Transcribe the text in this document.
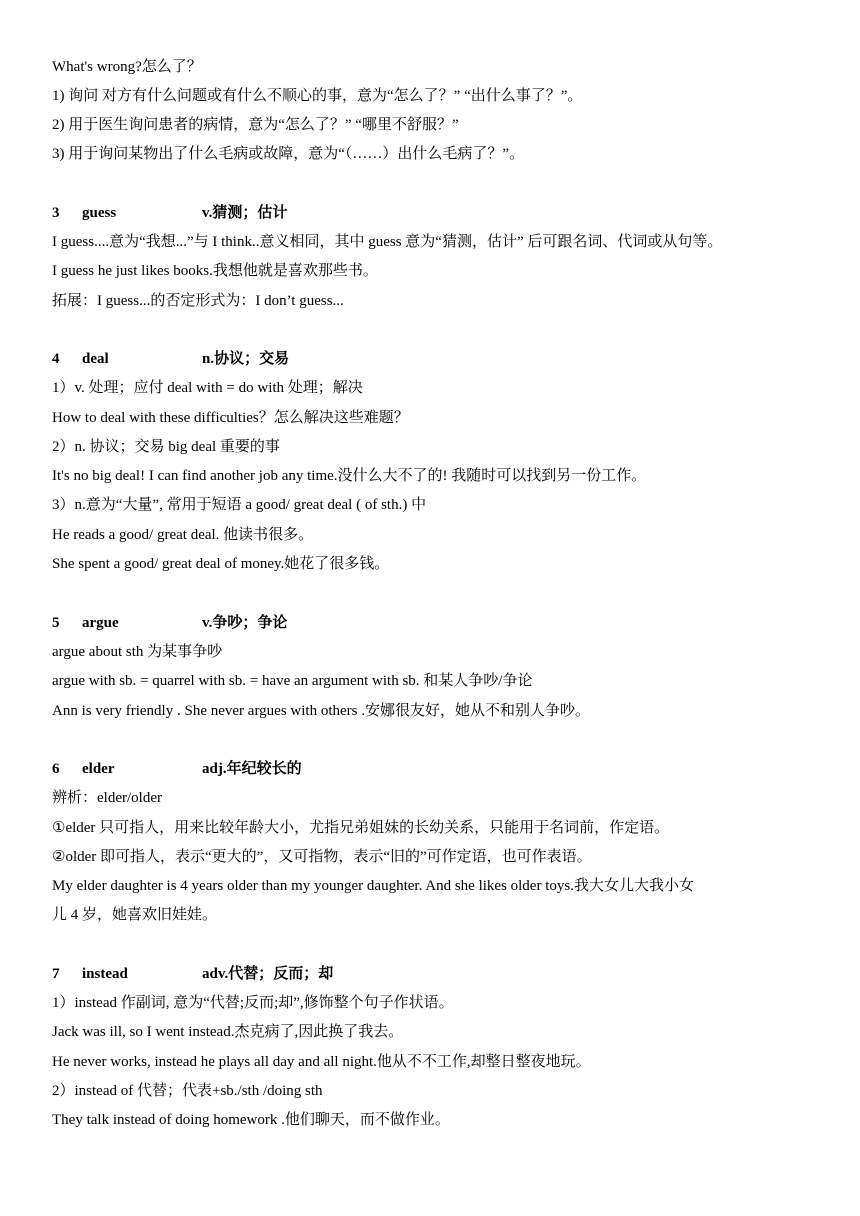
What's wrong?怎么了？
1) 询问 对方有什么问题或有什么不顺心的事，意为“怎么了？” “出什么事了？”。
2) 用于医生询问患者的病情，意为“怎么了？” “哪里不舒服？”
3) 用于询问某物出了什么毛病或故障，意为“（……）出什么毛病了？”。
3 guess	v.猜测；估计
I guess....意为“我想...”与 I think..意义相同，其中 guess 意为“猜测，估计” 后可跟名词、代词或从句等。
I guess he just likes books.我想他就是喜欢那些书。
拓展：I guess...的否定形式为：I don’t guess...
4 deal	n.协议；交易
1）v. 处理；应付 deal with = do with 处理；解决
How to deal with these difficulties？怎么解决这些难题？
2）n. 协议；交易 big deal 重要的事
It's no big deal! I can find another job any time.没什么大不了的! 我随时可以找到另一份工作。
3）n.意为“大量”, 常用于短语 a good/ great deal ( of sth.) 中
He reads a good/ great deal. 他读书很多。
She spent a good/ great deal of money.她花了很多钱。
5 argue	v.争吵；争论
argue about sth 为某事争吵
argue with sb. = quarrel with sb. = have an argument with sb. 和某人争吵/争论
Ann is very friendly . She never argues with others .安娜很友好，她从不和别人争吵。
6 elder	adj.年纪较长的
辨析：elder/older
①elder 只可指人，用来比较年龄大小，尤指兄弟姐妹的长幼关系，只能用于名词前，作定语。
②older 即可指人，表示“更大的”，又可指物，表示“旧的”可作定语，也可作表语。
My elder daughter is 4 years older than my younger daughter. And she likes older toys.我大女儿大我小女
儿 4 岁，她喜欢旧娃娃。
7 instead	adv.代替；反而；却
1）instead 作副词, 意为“代替;反而;却”,修饰整个句子作状语。
Jack was ill, so I went instead.杰克病了,因此换了我去。
He never works, instead he plays all day and all night.他从不不工作,却整日整夜地玩。
2）instead of 代替；代表+sb./sth /doing sth
They talk instead of doing homework .他们聊天，而不做作业。
